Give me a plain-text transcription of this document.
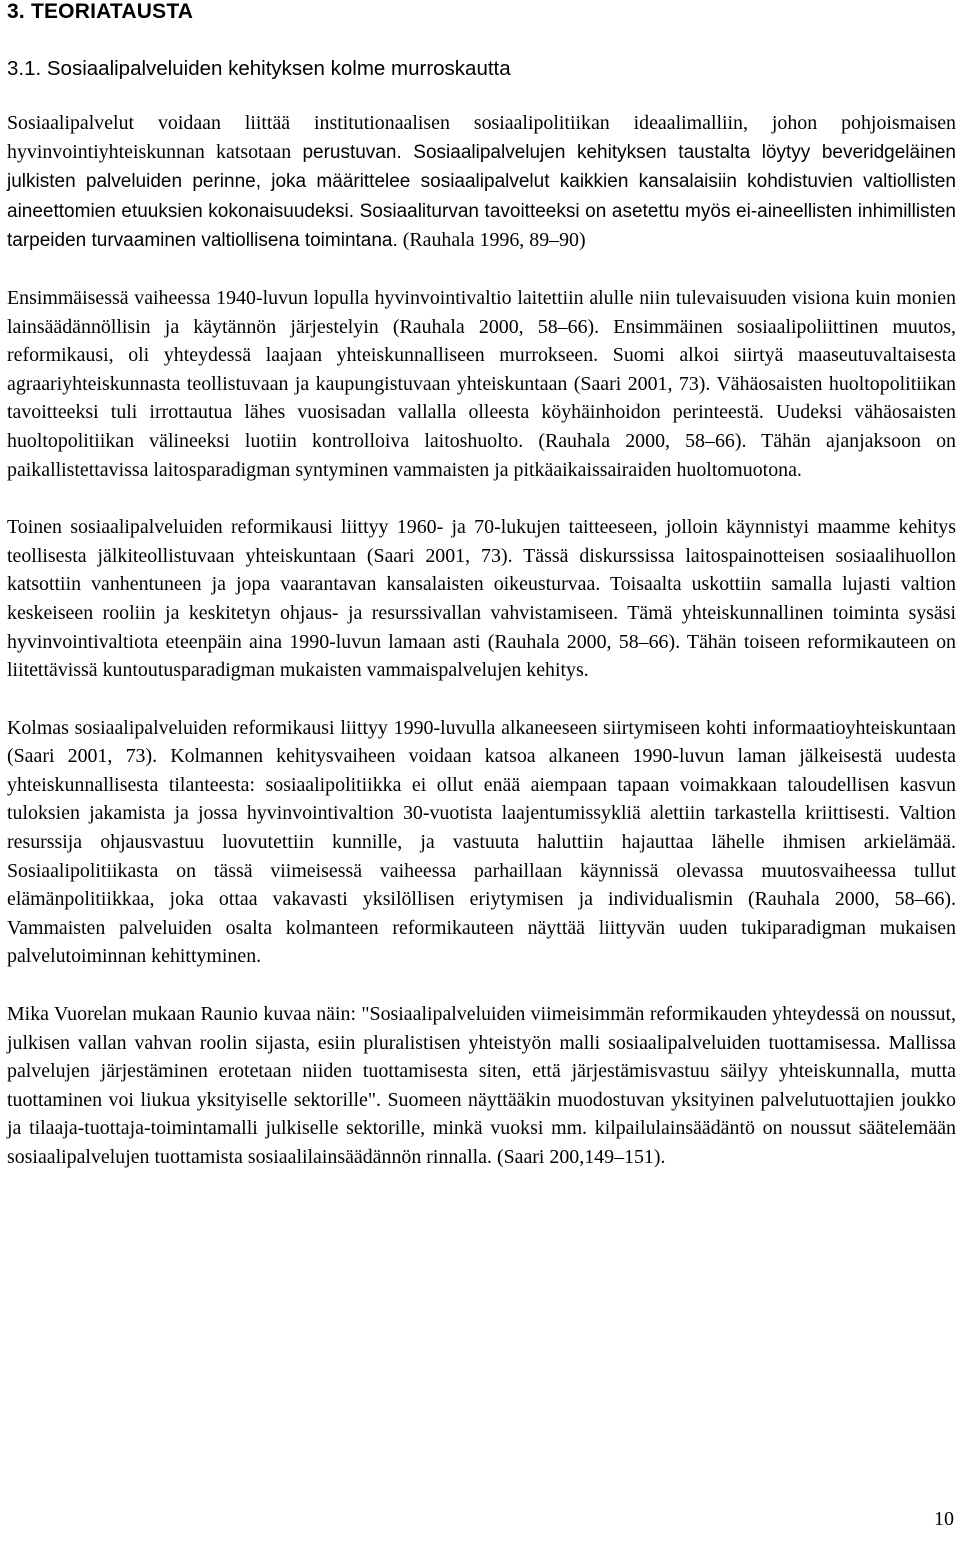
3. TEORIATAUSTA
3.1. Sosiaalipalveluiden kehityksen kolme murroskautta

Sosiaalipalvelut voidaan liittää institutionaalisen sosiaalipolitiikan ideaalimalliin, johon pohjoismaisen hyvinvointiyhteiskunnan katsotaan perustuvan. Sosiaalipalvelujen kehityksen taustalta löytyy beveridgeläinen julkisten palveluiden perinne, joka määrittelee sosiaalipalvelut kaikkien kansalaisiin kohdistuvien valtiollisten aineettomien etuuksien kokonaisuudeksi. Sosiaaliturvan tavoitteeksi on asetettu myös ei-aineellisten inhimillisten tarpeiden turvaaminen valtiollisena toimintana. (Rauhala 1996, 89–90)

Ensimmäisessä vaiheessa 1940-luvun lopulla hyvinvointivaltio laitettiin alulle niin tulevaisuuden visiona kuin monien lainsäädännöllisin ja käytännön järjestelyin (Rauhala 2000, 58–66). Ensimmäinen sosiaalipoliittinen muutos, reformikausi, oli yhteydessä laajaan yhteiskunnalliseen murrokseen. Suomi alkoi siirtyä maaseutuvaltaisesta agraariyhteiskunnasta teollistuvaan ja kaupungistuvaan yhteiskuntaan (Saari 2001, 73). Vähäosaisten huoltopolitiikan tavoitteeksi tuli irrottautua lähes vuosisadan vallalla olleesta köyhäinhoidon perinteestä. Uudeksi vähäosaisten huoltopolitiikan välineeksi luotiin kontrolloiva laitoshuolto. (Rauhala 2000, 58–66). Tähän ajanjaksoon on paikallistettavissa laitosparadigman syntyminen vammaisten ja pitkäaikaissairaiden huoltomuotona.

Toinen sosiaalipalveluiden reformikausi liittyy 1960- ja 70-lukujen taitteeseen, jolloin käynnistyi maamme kehitys teollisesta jälkiteollistuvaan yhteiskuntaan (Saari 2001, 73). Tässä diskurssissa laitospainotteisen sosiaalihuollon katsottiin vanhentuneen ja jopa vaarantavan kansalaisten oikeusturvaa. Toisaalta uskottiin samalla lujasti valtion keskeiseen rooliin ja keskitetyn ohjaus- ja resurssivallan vahvistamiseen. Tämä yhteiskunnallinen toiminta sysäsi hyvinvointivaltiota eteenpäin aina 1990-luvun lamaan asti (Rauhala 2000, 58–66). Tähän toiseen reformikauteen on liitettävissä kuntoutusparadigman mukaisten vammaispalvelujen kehitys.

Kolmas sosiaalipalveluiden reformikausi liittyy 1990-luvulla alkaneeseen siirtymiseen kohti informaatioyhteiskuntaan (Saari 2001, 73). Kolmannen kehitysvaiheen voidaan katsoa alkaneen 1990-luvun laman jälkeisestä uudesta yhteiskunnallisesta tilanteesta: sosiaalipolitiikka ei ollut enää aiempaan tapaan voimakkaan taloudellisen kasvun tuloksien jakamista ja jossa hyvinvointivaltion 30-vuotista laajentumissykliä alettiin tarkastella kriittisesti. Valtion resurssija ohjausvastuu luovutettiin kunnille, ja vastuuta haluttiin hajauttaa lähelle ihmisen arkielämää. Sosiaalipolitiikasta on tässä viimeisessä vaiheessa parhaillaan käynnissä olevassa muutosvaiheessa tullut elämänpolitiikkaa, joka ottaa vakavasti yksilöllisen eriytymisen ja individualismin (Rauhala 2000, 58–66). Vammaisten palveluiden osalta kolmanteen reformikauteen näyttää liittyvän uuden tukiparadigman mukaisen palvelutoiminnan kehittyminen.

Mika Vuorelan mukaan Raunio kuvaa näin: "Sosiaalipalveluiden viimeisimmän reformikauden yhteydessä on noussut, julkisen vallan vahvan roolin sijasta, esiin pluralistisen yhteistyön malli sosiaalipalveluiden tuottamisessa. Mallissa palvelujen järjestäminen erotetaan niiden tuottamisesta siten, että järjestämisvastuu säilyy yhteiskunnalla, mutta tuottaminen voi liukua yksityiselle sektorille". Suomeen näyttääkin muodostuvan yksityinen palvelutuottajien joukko ja tilaaja-tuottaja-toimintamalli julkiselle sektorille, minkä vuoksi mm. kilpailulainsäädäntö on noussut säätelemään sosiaalipalvelujen tuottamista sosiaalilainsäädännön rinnalla. (Saari 200,149–151).

10
